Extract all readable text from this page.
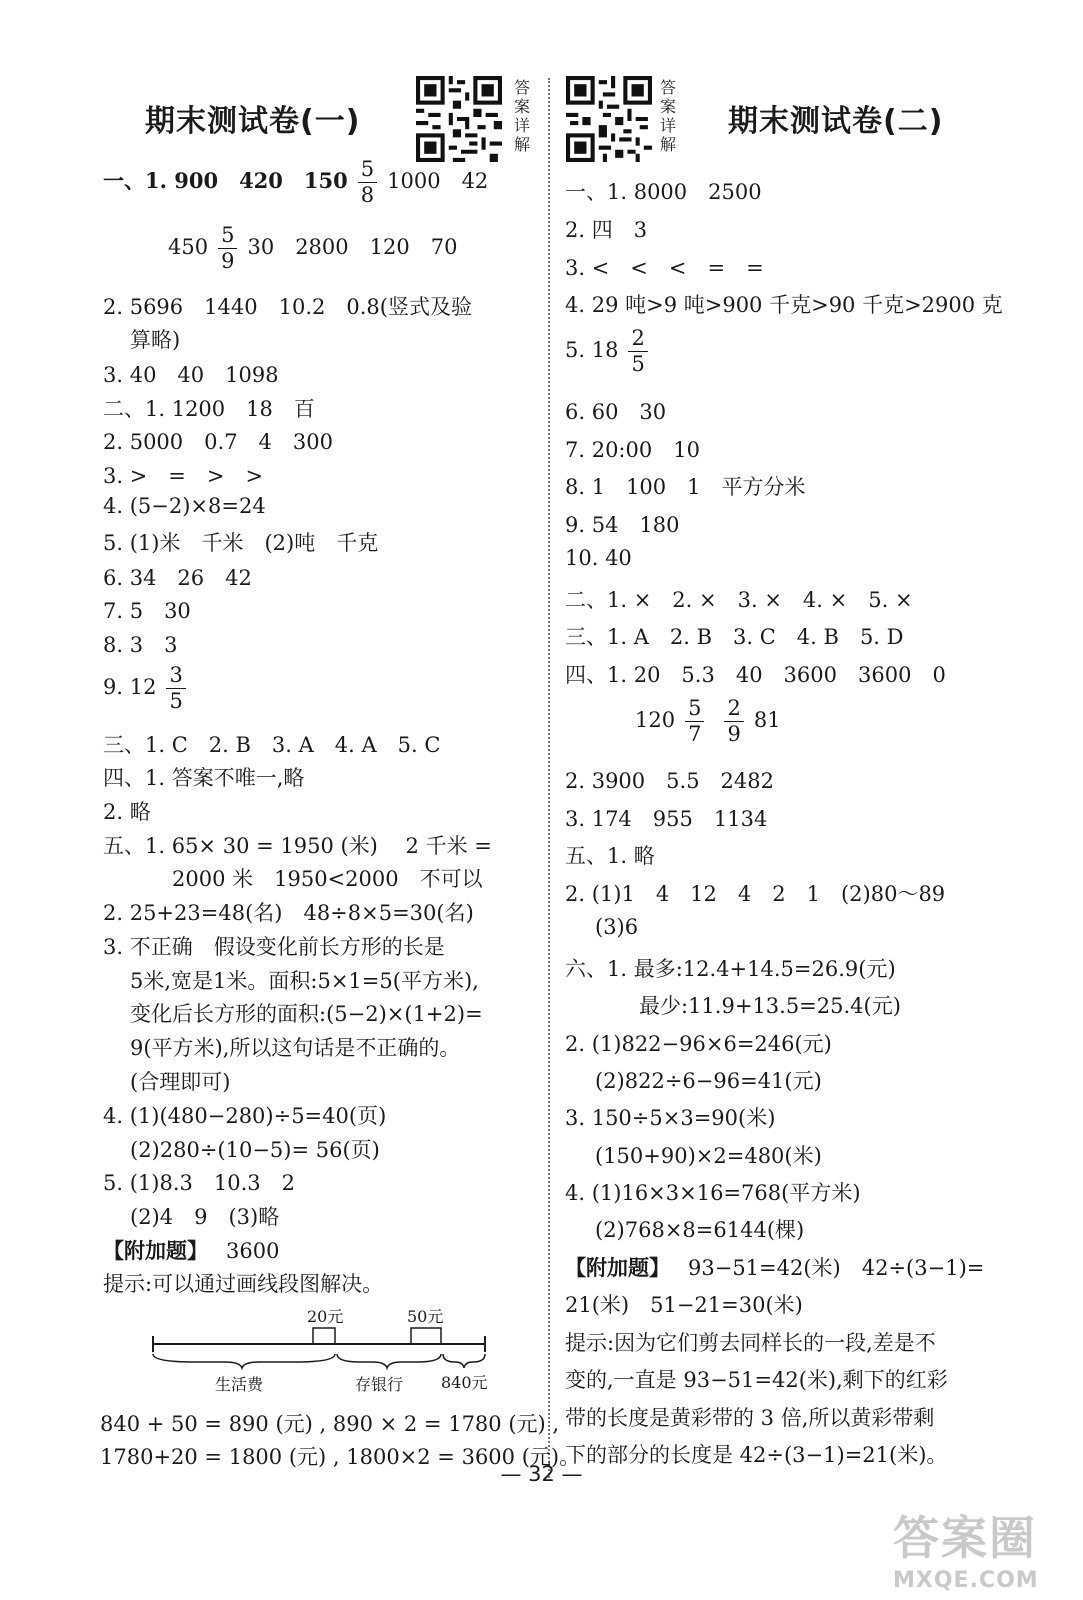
期末测试卷(一)
答
案
详
解
一、1. 900　420　$150 \frac{5}{8} 1000$　42
$450 \frac{5}{9} 30$　2800　120　70
2. 5696　1440　10.2　0.8(竖式及验
算略)
3. 40　40　1098
二、1. 1200　18　百
2. 5000　0.7　4　300
3. >　=　>　>
4. (5−2)×8=24
5. (1)米　千米　(2)吨　千克
6. 34　26　42
7. 5　30
8. 3　3
9. $12 \frac{3}{5}$
三、1. C　2. B　3. A　4. A　5. C
四、1. 答案不唯一,略
2. 略
五、1. 65× 30 = 1950 (米)　 2 千米 =
2000 米　1950<2000　不可以
2. 25+23=48(名)　48÷8×5=30(名)
3. 不正确　假设变化前长方形的长是
5米,宽是1米。面积:5×1=5(平方米),
变化后长方形的面积:(5−2)×(1+2)=
9(平方米),所以这句话是不正确的。
(合理即可)
4. (1)(480−280)÷5=40(页)
(2)280÷(10−5)= 56(页)
5. (1)8.3　10.3　2
(2)4　9　(3)略
【附加题】 3600
提示:可以通过画线段图解决。
20元	50元
生活费	存银行 840元
840 + 50 = 890 (元) , 890 × 2 = 1780 (元) ,
1780+20 = 1800 (元) , 1800×2 = 3600 (元)。
答
案
详
解
期末测试卷(二)
一、1. 8000　2500
2. 四　3
3. <　<　<　=　=
4. 29 吨>9 吨>900 千克>90 千克>2900 克
5. $18 \frac{2}{5}$
6. 60　30
7. 20:00　10
8. 1　100　1　平方分米
9. 54　180
10. 40
二、1. ×　2. ×　3. ×　4. ×　5. ×
三、1. A　2. B　3. C　4. B　5. D
四、1. 20　5.3　40　3600　3600　0
$120 \frac{5}{7} \frac{2}{9} 81$
2. 3900　5.5　2482
3. 174　955　1134
五、1. 略
2. (1)1　4　12　4　2　1　(2)80～89
(3)6
六、1. 最多:12.4+14.5=26.9(元)
最少:11.9+13.5=25.4(元)
2. (1)822−96×6=246(元)
(2)822÷6−96=41(元)
3. 150÷5×3=90(米)
(150+90)×2=480(米)
4. (1)16×3×16=768(平方米)
(2)768×8=6144(棵)
【附加题】 93−51=42(米)　42÷(3−1)=
21(米)　51−21=30(米)
提示:因为它们剪去同样长的一段,差是不
变的,一直是 93−51=42(米),剩下的红彩
带的长度是黄彩带的 3 倍,所以黄彩带剩
下的部分的长度是 42÷(3−1)=21(米)。
— 32 —
答案圈
MXQE.COM
